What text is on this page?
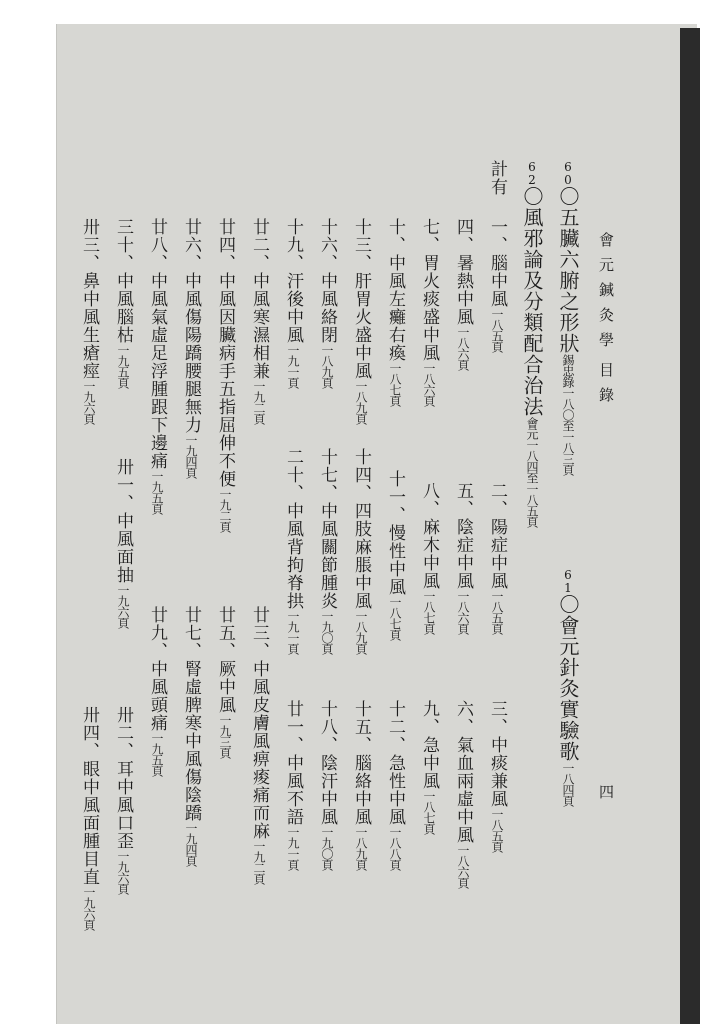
會元鍼灸學
目錄
四
60〇五臟六腑之形狀錫忠錄一八〇至一八三頁
61〇會元針灸實驗歌一八四頁
62〇風邪論及分類配合治法會元一八四至一八五頁
計有
一、腦中風一八五頁
二、陽症中風一八五頁
三、中痰兼風一八五頁
四、暑熱中風一八六頁
五、陰症中風一八六頁
六、氣血兩虛中風一八六頁
七、胃火痰盛中風一八六頁
八、麻木中風一八七頁
九、急中風一八七頁
十、中風左癱右瘓一八七頁
十一、慢性中風一八七頁
十二、急性中風一八八頁
十三、肝胃火盛中風一八九頁
十四、四肢麻脹中風一八九頁
十五、腦絡中風一八九頁
十六、中風絡閉一八九頁
十七、中風關節腫炎一九〇頁
十八、陰汗中風一九〇頁
十九、汗後中風一九一頁
二十、中風背拘脊拱一九一頁
廿一、中風不語一九一頁
廿二、中風寒濕相兼一九二頁
廿三、中風皮膚風痹痠痛而麻一九二頁
廿四、中風因臟病手五指屈伸不便一九二頁
廿五、厥中風一九三頁
廿六、中風傷陽蹻腰腿無力一九四頁
廿七、腎虛脾寒中風傷陰蹻一九四頁
廿八、中風氣虛足浮腫跟下邊痛一九五頁
廿九、中風頭痛一九五頁
三十、中風腦枯一九五頁
卅一、中風面抽一九六頁
卅二、耳中風口歪一九六頁
卅三、鼻中風生瘡痙一九六頁
卅四、眼中風面腫目直一九六頁
